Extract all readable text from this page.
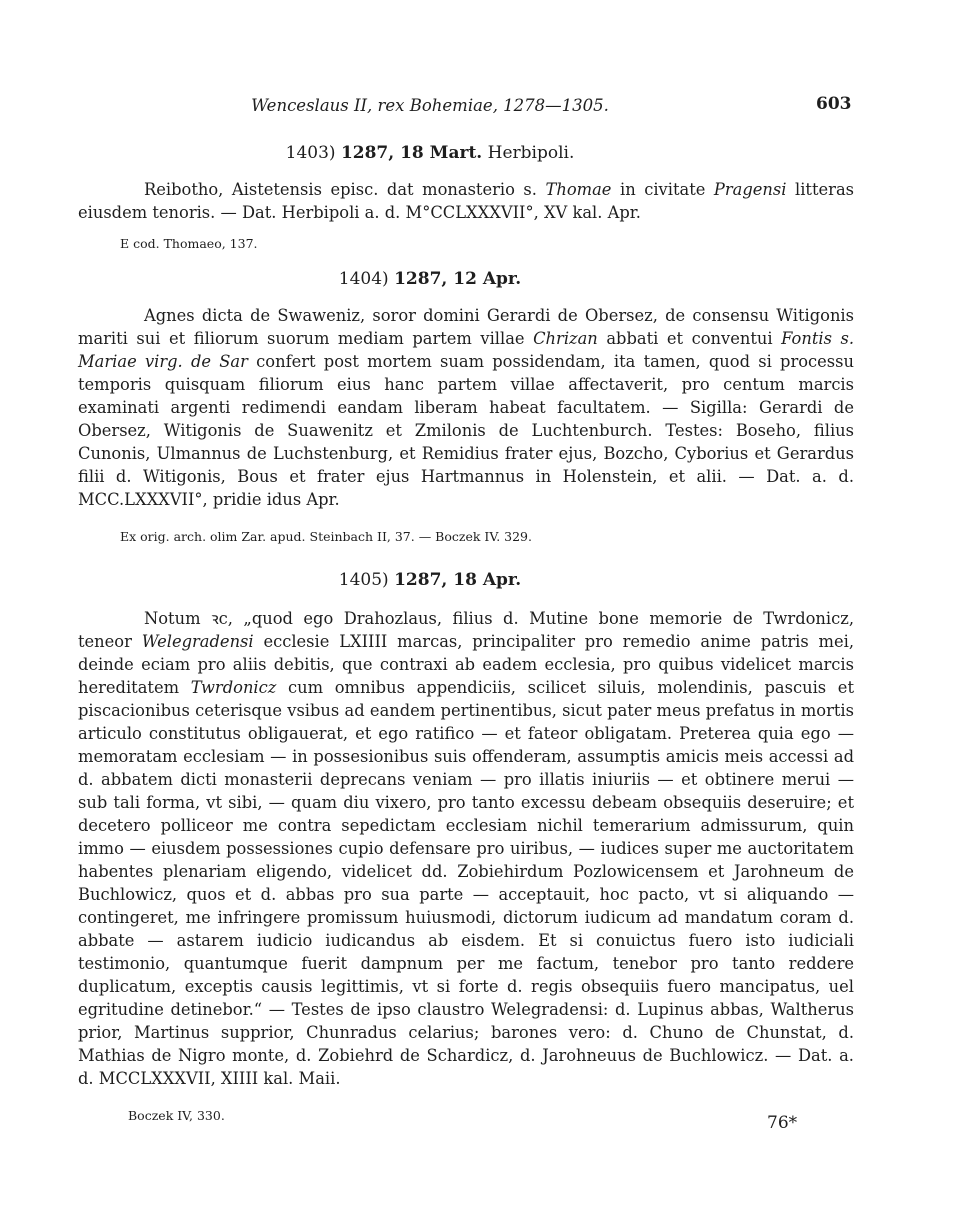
Wenceslaus II, rex Bohemiae, 1278—1305.	603
1403) 1287, 18 Mart. Herbipoli.

Reibotho, Aistetensis episc. dat monasterio s. Thomae in civitate Pragensi litteras eiusdem tenoris. — Dat. Herbipoli a. d. M°CCLXXXVII°, XV kal. Apr.

E cod. Thomaeo, 137.

1404) 1287, 12 Apr.

Agnes dicta de Swaweniz, soror domini Gerardi de Obersez, de consensu Witigonis mariti sui et filiorum suorum mediam partem villae Chrizan abbati et conventui Fontis s. Mariae virg. de Sar confert post mortem suam possidendam, ita tamen, quod si processu temporis quisquam filiorum eius hanc partem villae affectaverit, pro centum marcis examinati argenti redimendi eandam liberam habeat facultatem. — Sigilla: Gerardi de Obersez, Witigonis de Suawenitz et Zmilonis de Luchtenburch. Testes: Boseho, filius Cunonis, Ulmannus de Luchstenburg, et Remidius frater ejus, Bozcho, Cyborius et Gerardus filii d. Witigonis, Bous et frater ejus Hartmannus in Holenstein, et alii. — Dat. a. d. MCC.LXXXVII°, pridie idus Apr.

Ex orig. arch. olim Zar. apud. Steinbach II, 37. — Boczek IV. 329.

1405) 1287, 18 Apr.

Notum ꝛc, „quod ego Drahozlaus, filius d. Mutine bone memorie de Twrdonicz, teneor Welegradensi ecclesie LXIIII marcas, principaliter pro remedio anime patris mei, deinde eciam pro aliis debitis, que contraxi ab eadem ecclesia, pro quibus videlicet marcis hereditatem Twrdonicz cum omnibus appendiciis, scilicet siluis, molendinis, pascuis et piscacionibus ceterisque vsibus ad eandem pertinentibus, sicut pater meus prefatus in mortis articulo constitutus obligauerat, et ego ratifico — et fateor obligatam. Preterea quia ego — memoratam ecclesiam — in possesionibus suis offenderam, assumptis amicis meis accessi ad d. abbatem dicti monasterii deprecans veniam — pro illatis iniuriis — et obtinere merui — sub tali forma, vt sibi, — quam diu vixero, pro tanto excessu debeam obsequiis deseruire; et decetero polliceor me contra sepedictam ecclesiam nichil temerarium admissurum, quin immo — eiusdem possessiones cupio defensare pro uiribus, — iudices super me auctoritatem habentes plenariam eligendo, videlicet dd. Zobiehirdum Pozlowicensem et Jarohneum de Buchlowicz, quos et d. abbas pro sua parte — acceptauit, hoc pacto, vt si aliquando — contingeret, me infringere promissum huiusmodi, dictorum iudicum ad mandatum coram d. abbate — astarem iudicio iudicandus ab eisdem. Et si conuictus fuero isto iudiciali testimonio, quantumque fuerit dampnum per me factum, tenebor pro tanto reddere duplicatum, exceptis causis legittimis, vt si forte d. regis obsequiis fuero mancipatus, uel egritudine detinebor.“ — Testes de ipso claustro Welegradensi: d. Lupinus abbas, Waltherus prior, Martinus supprior, Chunradus celarius; barones vero: d. Chuno de Chunstat, d. Mathias de Nigro monte, d. Zobiehrd de Schardicz, d. Jarohneuus de Buchlowicz. — Dat. a. d. MCCLXXXVII, XIIII kal. Maii.

Boczek IV, 330.	76*
